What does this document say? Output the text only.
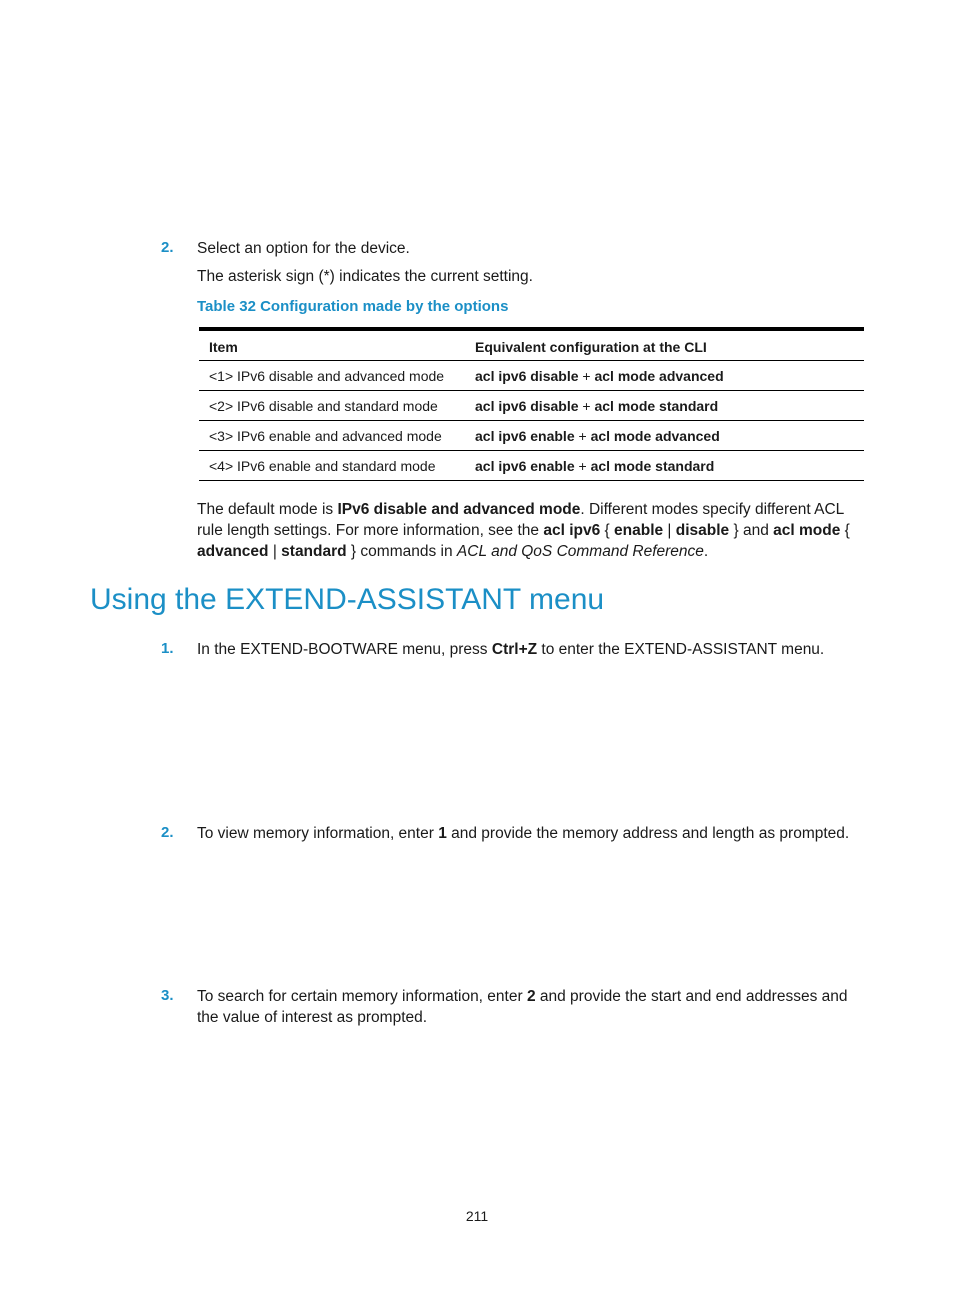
2. Select an option for the device.
The asterisk sign (*) indicates the current setting.
Table 32 Configuration made by the options
Item	Equivalent configuration at the CLI
<1> IPv6 disable and advanced mode	acl ipv6 disable + acl mode advanced
<2> IPv6 disable and standard mode	acl ipv6 disable + acl mode standard
<3> IPv6 enable and advanced mode	acl ipv6 enable + acl mode advanced
<4> IPv6 enable and standard mode	acl ipv6 enable + acl mode standard
The default mode is IPv6 disable and advanced mode. Different modes specify different ACL rule length settings. For more information, see the acl ipv6 { enable | disable } and acl mode { advanced | standard } commands in ACL and QoS Command Reference.
Using the EXTEND-ASSISTANT menu
1. In the EXTEND-BOOTWARE menu, press Ctrl+Z to enter the EXTEND-ASSISTANT menu.
2. To view memory information, enter 1 and provide the memory address and length as prompted.
3. To search for certain memory information, enter 2 and provide the start and end addresses and the value of interest as prompted.
211
